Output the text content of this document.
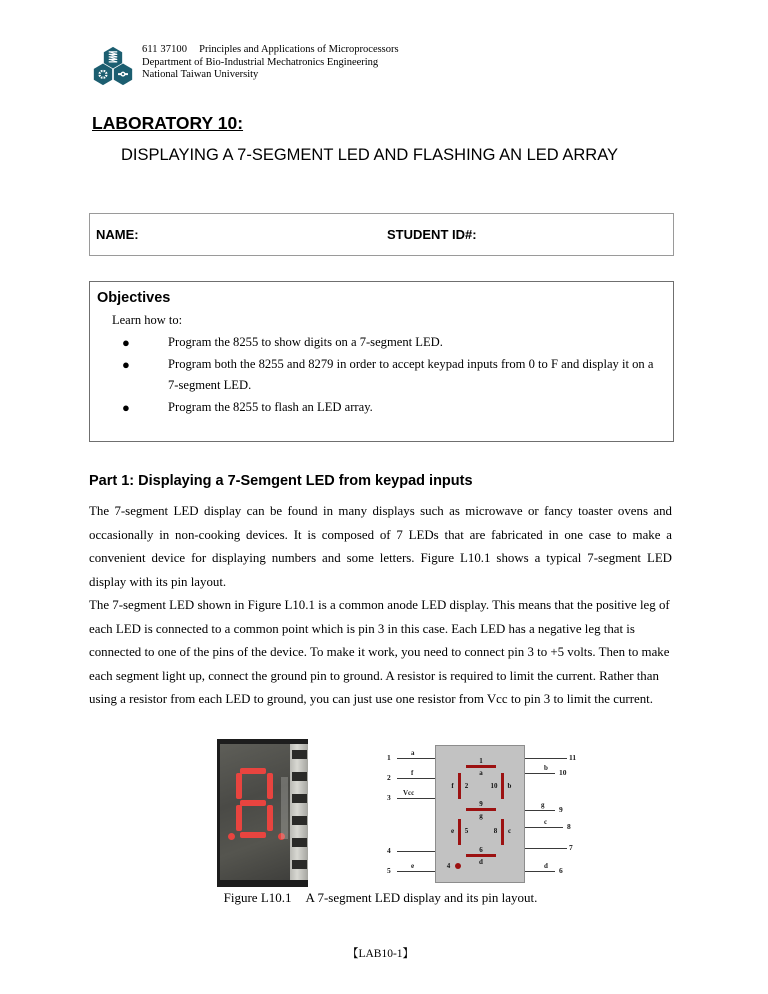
611 37100 Principles and Applications of Microprocessors
Department of Bio-Industrial Mechatronics Engineering
National Taiwan University
LABORATORY 10:
DISPLAYING A 7-SEGMENT LED AND FLASHING AN LED ARRAY
NAME:	STUDENT ID#:
Objectives
Learn how to:
●	Program the 8255 to show digits on a 7-segment LED.
●	Program both the 8255 and 8279 in order to accept keypad inputs from 0 to F and display it on a 7-segment LED.
●	Program the 8255 to flash an LED array.
Part 1: Displaying a 7-Semgent LED from keypad inputs
The 7-segment LED display can be found in many displays such as microwave or fancy toaster ovens and occasionally in non-cooking devices. It is composed of 7 LEDs that are fabricated in one case to make a convenient device for displaying numbers and some letters. Figure L10.1 shows a typical 7-segment LED display with its pin layout.
The 7-segment LED shown in Figure L10.1 is a common anode LED display. This means that the positive leg of each LED is connected to a common point which is pin 3 in this case. Each LED has a negative leg that is connected to one of the pins of the device. To make it work, you need to connect pin 3 to +5 volts. Then to make each segment light up, connect the ground pin to ground. A resistor is required to limit the current. Rather than using a resistor from each LED to ground, you can just use one resistor from Vcc to pin 3 to limit the current.
1
2
3
4
5
a
f
Vcc
e
11
10
9
8
7
6
b
g
c
d
1
a
f	2	10	b
9
g
e	5	8	c
6
d
4
Figure L10.1 A 7-segment LED display and its pin layout.
【LAB10-1】
